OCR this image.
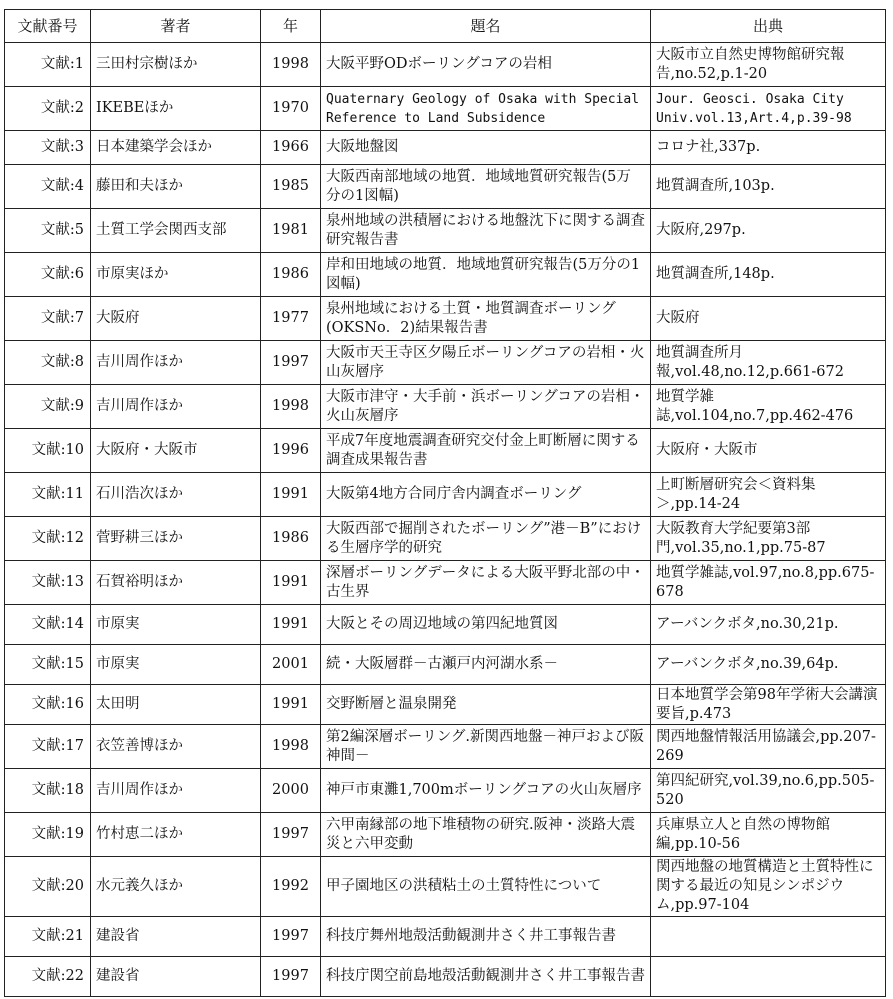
文献番号	著者	年	題名	出典
文献:1	三田村宗樹ほか	1998	大阪平野ODボーリングコアの岩相	大阪市立自然史博物館研究報告,no.52,p.1-20
文献:2	IKEBEほか	1970	Quaternary Geology of Osaka with Special Reference to Land Subsidence	Jour. Geosci. Osaka City Univ.vol.13,Art.4,p.39-98
文献:3	日本建築学会ほか	1966	大阪地盤図	コロナ社,337p.
文献:4	藤田和夫ほか	1985	大阪西南部地域の地質．地域地質研究報告(5万分の1図幅)	地質調査所,103p.
文献:5	土質工学会関西支部	1981	泉州地域の洪積層における地盤沈下に関する調査研究報告書	大阪府,297p.
文献:6	市原実ほか	1986	岸和田地域の地質．地域地質研究報告(5万分の1図幅)	地質調査所,148p.
文献:7	大阪府	1977	泉州地域における土質・地質調査ボーリング(OKSNo．2)結果報告書	大阪府
文献:8	吉川周作ほか	1997	大阪市天王寺区夕陽丘ボーリングコアの岩相・火山灰層序	地質調査所月報,vol.48,no.12,p.661-672
文献:9	吉川周作ほか	1998	大阪市津守・大手前・浜ボーリングコアの岩相・火山灰層序	地質学雑誌,vol.104,no.7,pp.462-476
文献:10	大阪府・大阪市	1996	平成7年度地震調査研究交付金上町断層に関する調査成果報告書	大阪府・大阪市
文献:11	石川浩次ほか	1991	大阪第4地方合同庁舎内調査ボーリング	上町断層研究会＜資料集＞,pp.14-24
文献:12	菅野耕三ほか	1986	大阪西部で掘削されたボーリング”港－B”における生層序学的研究	大阪教育大学紀要第3部門,vol.35,no.1,pp.75-87
文献:13	石賀裕明ほか	1991	深層ボーリングデータによる大阪平野北部の中・古生界	地質学雑誌,vol.97,no.8,pp.675-678
文献:14	市原実	1991	大阪とその周辺地域の第四紀地質図	アーバンクボタ,no.30,21p.
文献:15	市原実	2001	続・大阪層群－古瀬戸内河湖水系－	アーバンクボタ,no.39,64p.
文献:16	太田明	1991	交野断層と温泉開発	日本地質学会第98年学術大会講演要旨,p.473
文献:17	衣笠善博ほか	1998	第2編深層ボーリング.新関西地盤－神戸および阪神間－	関西地盤情報活用協議会,pp.207-269
文献:18	吉川周作ほか	2000	神戸市東灘1,700mボーリングコアの火山灰層序	第四紀研究,vol.39,no.6,pp.505-520
文献:19	竹村恵二ほか	1997	六甲南縁部の地下堆積物の研究.阪神・淡路大震災と六甲変動	兵庫県立人と自然の博物館編,pp.10-56
文献:20	水元義久ほか	1992	甲子園地区の洪積粘土の土質特性について	関西地盤の地質構造と土質特性に関する最近の知見シンポジウム,pp.97-104
文献:21	建設省	1997	科技庁舞州地殻活動観測井さく井工事報告書	
文献:22	建設省	1997	科技庁関空前島地殻活動観測井さく井工事報告書	
